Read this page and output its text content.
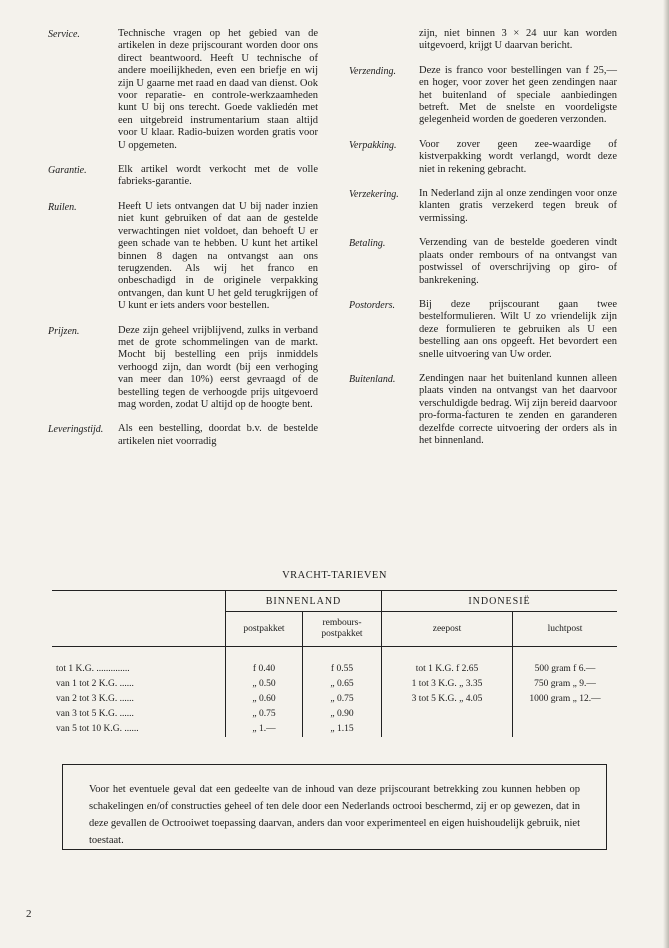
Service.	Technische vragen op het gebied van de artikelen in deze prijscourant worden door ons direct beantwoord. Heeft U technische of andere moeilijkheden, even een briefje en wij zijn U gaarne met raad en daad van dienst. Ook voor reparatie- en controle-werkzaamheden kunt U bij ons terecht. Goede vakliedén met een uitgebreid instrumentarium staan altijd voor U klaar. Radio-buizen worden gratis voor U opgemeten.
Garantie.	Elk artikel wordt verkocht met de volle fabrieks-garantie.
Ruilen.	Heeft U iets ontvangen dat U bij nader inzien niet kunt gebruiken of dat aan de gestelde verwachtingen niet voldoet, dan behoeft U er geen schade van te hebben. U kunt het artikel binnen 8 dagen na ontvangst aan ons terugzenden. Als wij het franco en onbeschadigd in de originele verpakking ontvangen, dan kunt U het geld terugkrijgen of U kunt er iets anders voor bestellen.
Prijzen.	Deze zijn geheel vrijblijvend, zulks in verband met de grote schommelingen van de markt. Mocht bij bestelling een prijs inmiddels verhoogd zijn, dan wordt (bij een verhoging van meer dan 10%) eerst gevraagd of de bestelling tegen de verhoogde prijs uitgevoerd mag worden, zodat U altijd op de hoogte bent.
Leveringstijd.	Als een bestelling, doordat b.v. de bestelde artikelen niet voorradig
zijn, niet binnen 3 × 24 uur kan worden uitgevoerd, krijgt U daarvan bericht.
Verzending.	Deze is franco voor bestellingen van f 25,— en hoger, voor zover het geen zendingen naar het buitenland of speciale aanbiedingen betreft. Met de snelste en voordeligste gelegenheid worden de goederen verzonden.
Verpakking.	Voor zover geen zee-waardige of kistverpakking wordt verlangd, wordt deze niet in rekening gebracht.
Verzekering.	In Nederland zijn al onze zendingen voor onze klanten gratis verzekerd tegen breuk of vermissing.
Betaling.	Verzending van de bestelde goederen vindt plaats onder rembours of na ontvangst van postwissel of overschrijving op giro- of bankrekening.
Postorders.	Bij deze prijscourant gaan twee bestelformulieren. Wilt U zo vriendelijk zijn deze formulieren te gebruiken als U een bestelling aan ons opgeeft. Het bevordert een snelle uitvoering van Uw order.
Buitenland.	Zendingen naar het buitenland kunnen alleen plaats vinden na ontvangst van het daarvoor verschuldigde bedrag. Wij zijn bereid daarvoor pro-forma-facturen te zenden en garanderen dezelfde correcte uitvoering der orders als in het binnenland.
VRACHT-TARIEVEN
	BINNENLAND		INDONESIË	
	postpakket	rembours-postpakket	zeepost	luchtpost

tot 1 K.G. ..............	f 0.40	f 0.55	tot 1 K.G. f 2.65	500 gram f 6.—
van 1 tot 2 K.G. ......	„ 0.50	„ 0.65	1 tot 3 K.G. „ 3.35	750 gram „ 9.—
van 2 tot 3 K.G. ......	„ 0.60	„ 0.75	3 tot 5 K.G. „ 4.05	1000 gram „ 12.—
van 3 tot 5 K.G. ......	„ 0.75	„ 0.90		
van 5 tot 10 K.G. ......	„ 1.—	„ 1.15		
Voor het eventuele geval dat een gedeelte van de inhoud van deze prijscourant betrekking zou kunnen hebben op schakelingen en/of constructies geheel of ten dele door een Nederlands octrooi beschermd, zij er op gewezen, dat in deze gevallen de Octrooiwet toepassing daarvan, anders dan voor experimenteel en eigen huishoudelijk gebruik, niet toestaat.
2
